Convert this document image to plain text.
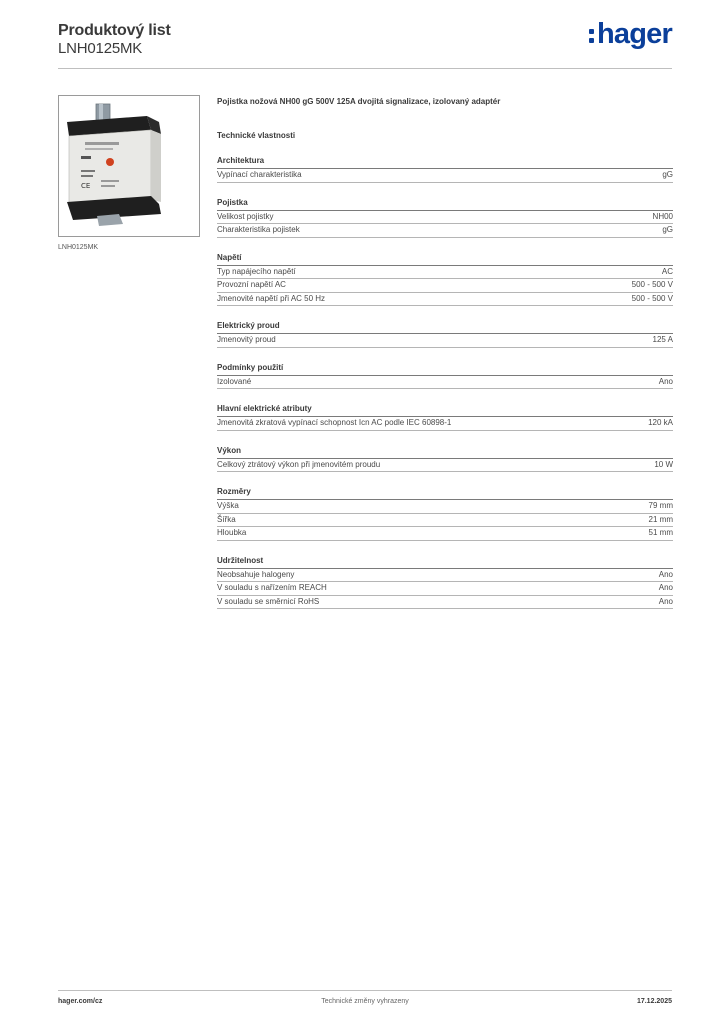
Produktový list
LNH0125MK	hager
CE
LNH0125MK
Pojistka nožová NH00 gG 500V 125A dvojitá signalizace, izolovaný adaptér
Technické vlastnosti
Architektura
Vypínací charakteristika	gG
Pojistka
Velikost pojistky	NH00
Charakteristika pojistek	gG
Napětí
Typ napájecího napětí	AC
Provozní napětí AC	500 - 500 V
Jmenovité napětí při AC 50 Hz	500 - 500 V
Elektrický proud
Jmenovitý proud	125 A
Podmínky použití
Izolované	Ano
Hlavní elektrické atributy
Jmenovitá zkratová vypínací schopnost Icn AC podle IEC 60898-1	120 kA
Výkon
Celkový ztrátový výkon při jmenovitém proudu	10 W
Rozměry
Výška	79 mm
Šířka	21 mm
Hloubka	51 mm
Udržitelnost
Neobsahuje halogeny	Ano
V souladu s nařízením REACH	Ano
V souladu se směrnicí RoHS	Ano
hager.com/cz	Technické změny vyhrazeny	17.12.2025
